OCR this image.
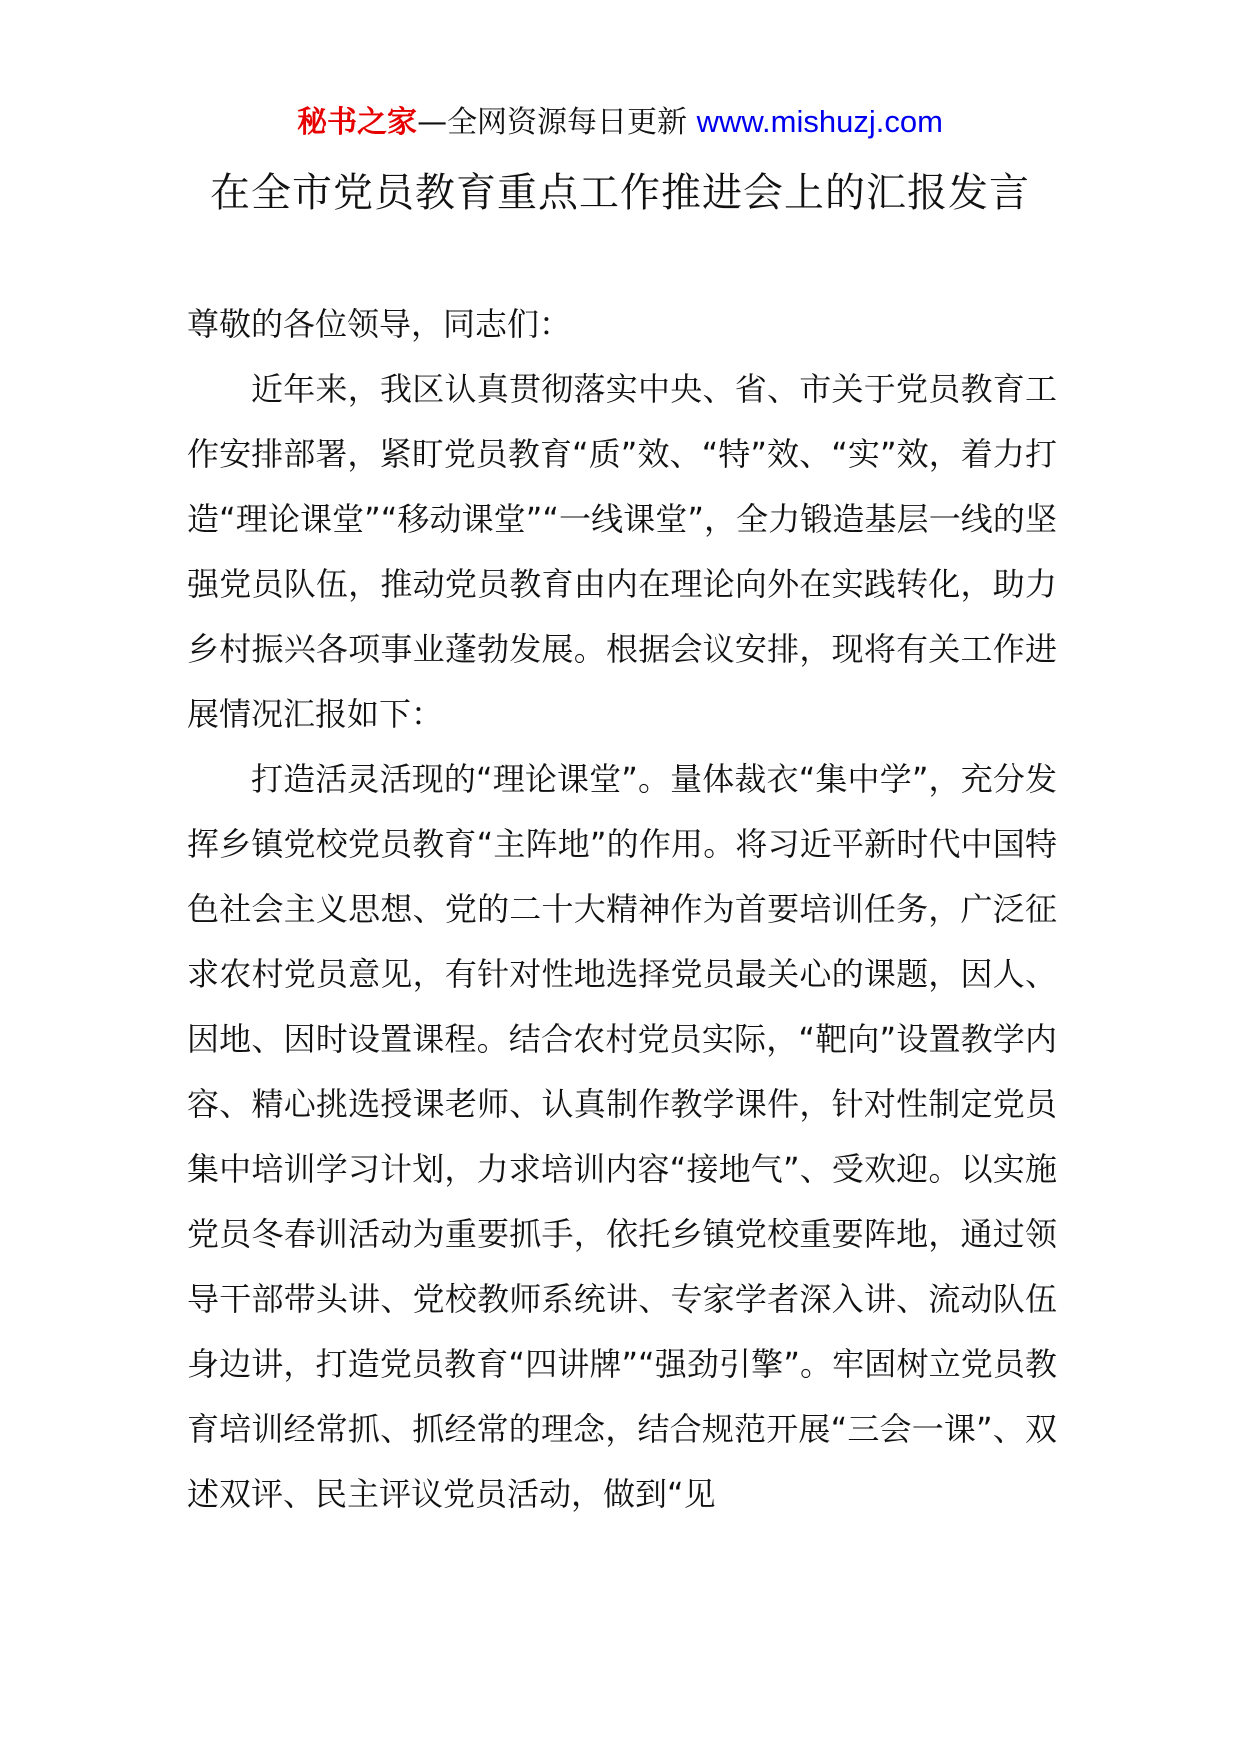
秘书之家—全网资源每日更新 www.mishuzj.com
在全市党员教育重点工作推进会上的汇报发言

尊敬的各位领导，同志们：

近年来，我区认真贯彻落实中央、省、市关于党员教育工作安排部署，紧盯党员教育“质”效、“特”效、“实”效，着力打造“理论课堂”“移动课堂”“一线课堂”，全力锻造基层一线的坚强党员队伍，推动党员教育由内在理论向外在实践转化，助力乡村振兴各项事业蓬勃发展。根据会议安排，现将有关工作进展情况汇报如下：

打造活灵活现的“理论课堂”。量体裁衣“集中学”，充分发挥乡镇党校党员教育“主阵地”的作用。将习近平新时代中国特色社会主义思想、党的二十大精神作为首要培训任务，广泛征求农村党员意见，有针对性地选择党员最关心的课题，因人、因地、因时设置课程。结合农村党员实际，“靶向”设置教学内容、精心挑选授课老师、认真制作教学课件，针对性制定党员集中培训学习计划，力求培训内容“接地气”、受欢迎。以实施党员冬春训活动为重要抓手，依托乡镇党校重要阵地，通过领导干部带头讲、党校教师系统讲、专家学者深入讲、流动队伍身边讲，打造党员教育“四讲牌”“强劲引擎”。牢固树立党员教育培训经常抓、抓经常的理念，结合规范开展“三会一课”、双述双评、民主评议党员活动，做到“见
